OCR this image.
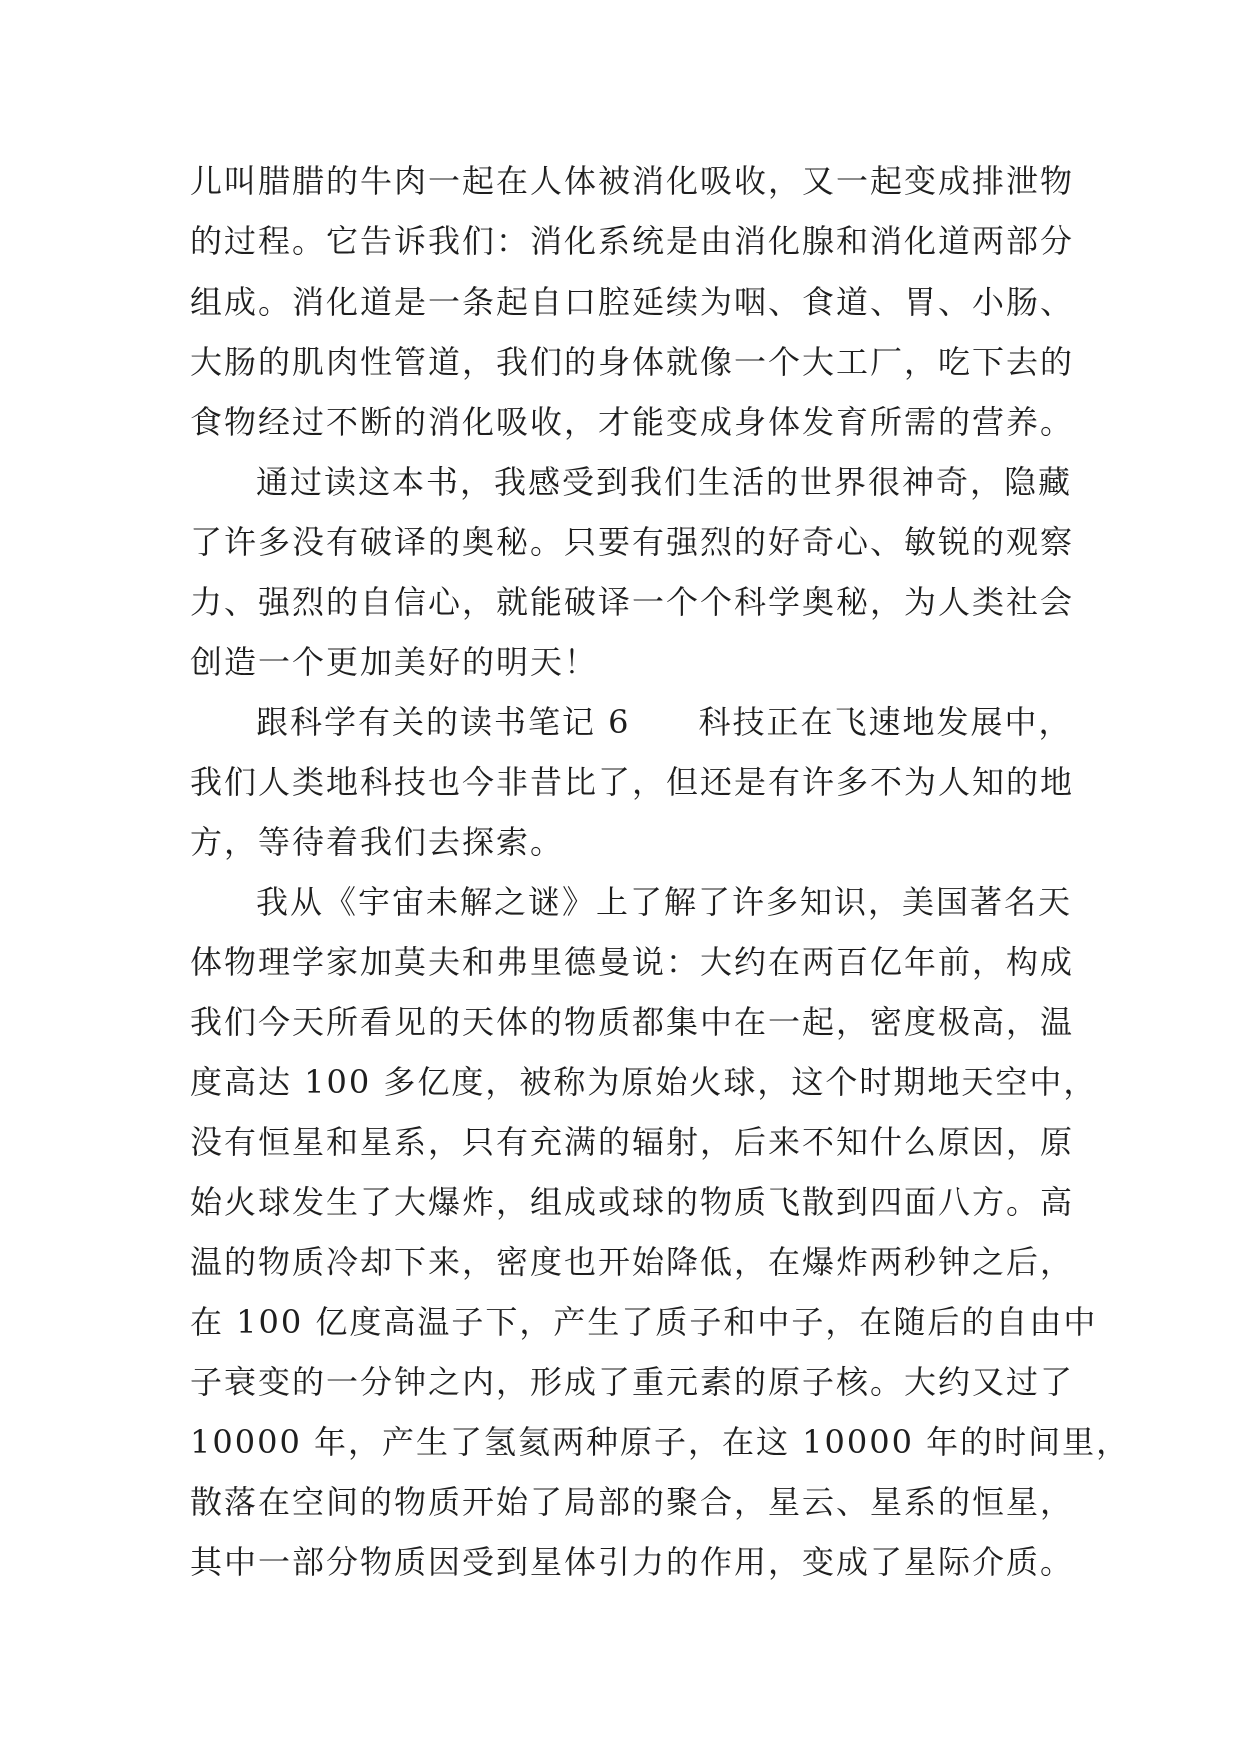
儿叫腊腊的牛肉一起在人体被消化吸收，又一起变成排泄物
的过程。它告诉我们：消化系统是由消化腺和消化道两部分
组成。消化道是一条起自口腔延续为咽、食道、胃、小肠、
大肠的肌肉性管道，我们的身体就像一个大工厂，吃下去的
食物经过不断的消化吸收，才能变成身体发育所需的营养。
通过读这本书，我感受到我们生活的世界很神奇，隐藏
了许多没有破译的奥秘。只要有强烈的好奇心、敏锐的观察
力、强烈的自信心，就能破译一个个科学奥秘，为人类社会
创造一个更加美好的明天！
跟科学有关的读书笔记 6　　科技正在飞速地发展中，
我们人类地科技也今非昔比了，但还是有许多不为人知的地
方，等待着我们去探索。
我从《宇宙未解之谜》上了解了许多知识，美国著名天
体物理学家加莫夫和弗里德曼说：大约在两百亿年前，构成
我们今天所看见的天体的物质都集中在一起，密度极高，温
度高达 100 多亿度，被称为原始火球，这个时期地天空中，
没有恒星和星系，只有充满的辐射，后来不知什么原因，原
始火球发生了大爆炸，组成或球的物质飞散到四面八方。高
温的物质冷却下来，密度也开始降低，在爆炸两秒钟之后，
在 100 亿度高温子下，产生了质子和中子，在随后的自由中
子衰变的一分钟之内，形成了重元素的原子核。大约又过了
10000 年，产生了氢氦两种原子，在这 10000 年的时间里，
散落在空间的物质开始了局部的聚合，星云、星系的恒星，
其中一部分物质因受到星体引力的作用，变成了星际介质。
